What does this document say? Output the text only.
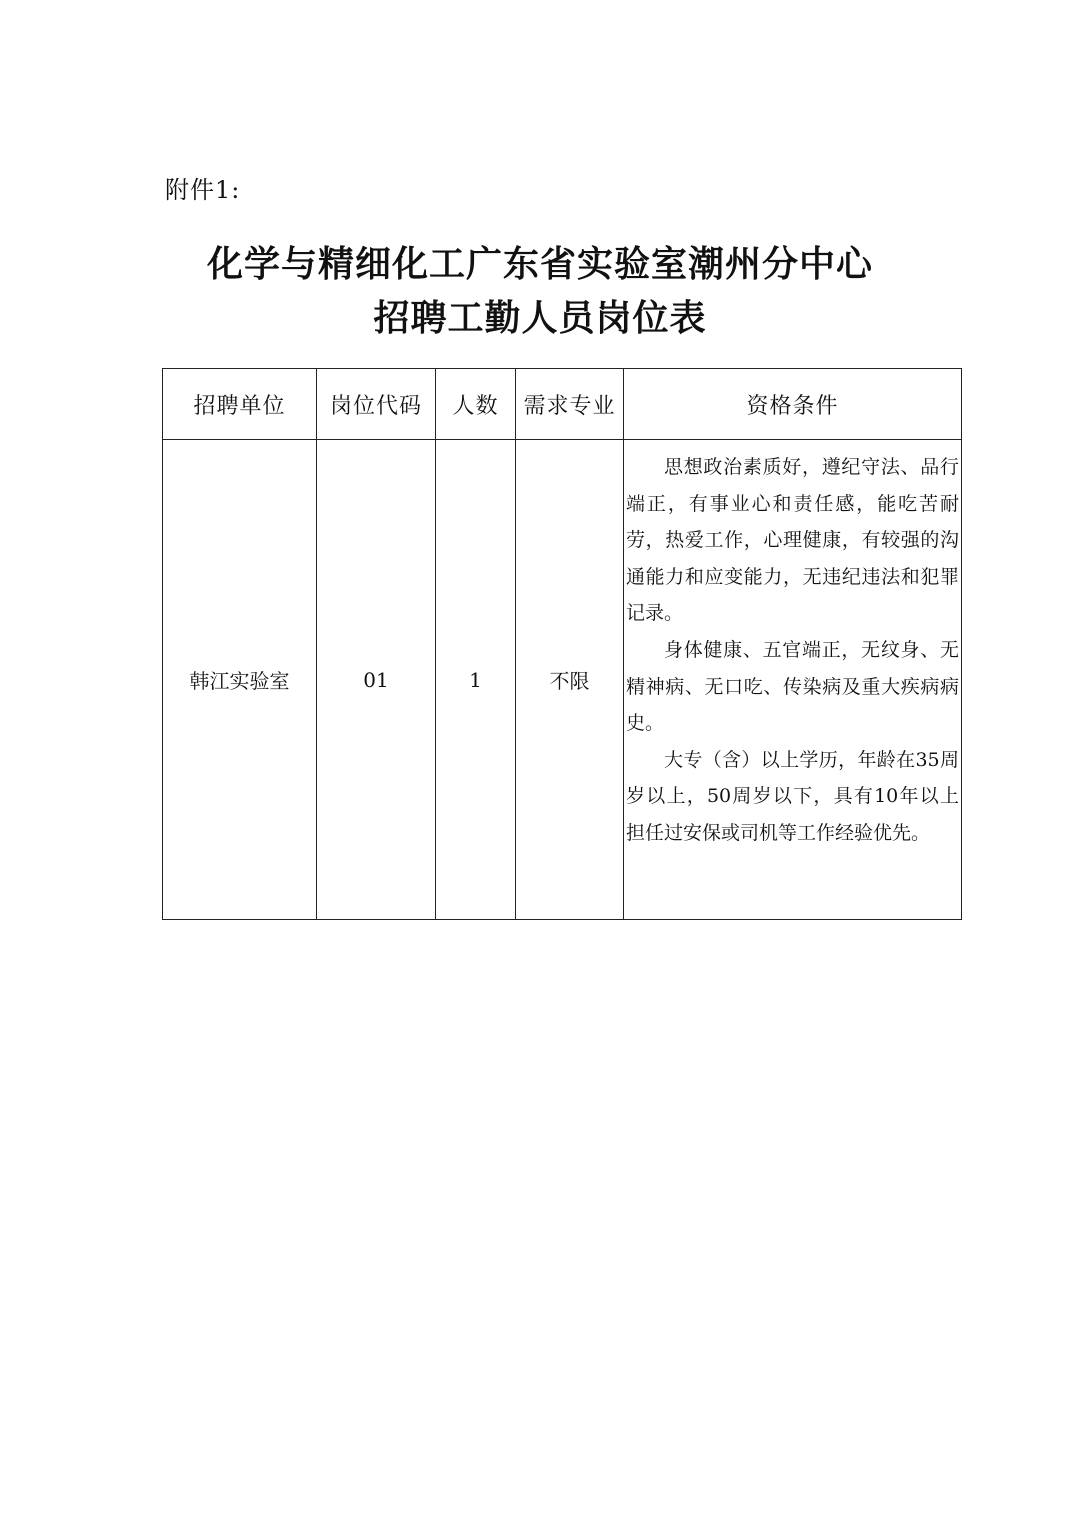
附件1:
化学与精细化工广东省实验室潮州分中心
招聘工勤人员岗位表
招聘单位	岗位代码	人数	需求专业	资格条件
韩江实验室	01	1	不限	思想政治素质好，遵纪守法、品行端正，有事业心和责任感，能吃苦耐劳，热爱工作，心理健康，有较强的沟通能力和应变能力，无违纪违法和犯罪记录。

身体健康、五官端正，无纹身、无精神病、无口吃、传染病及重大疾病病史。

大专（含）以上学历，年龄在35周岁以上，50周岁以下，具有10年以上担任过安保或司机等工作经验优先。
